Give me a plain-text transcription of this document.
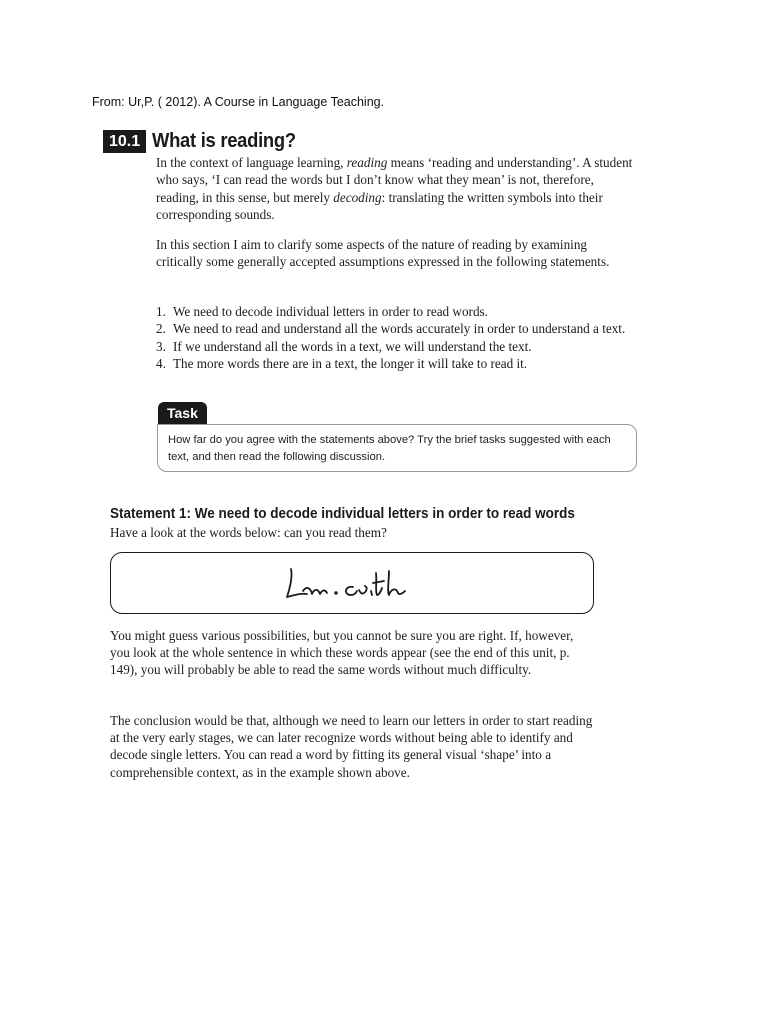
From: Ur,P. ( 2012). A Course in Language Teaching.
10.1 What is reading?

In the context of language learning, reading means ‘reading and understanding’. A student who says, ‘I can read the words but I don’t know what they mean’ is not, therefore, reading, in this sense, but merely decoding: translating the written symbols into their corresponding sounds.

In this section I aim to clarify some aspects of the nature of reading by examining critically some generally accepted assumptions expressed in the following statements.

1. We need to decode individual letters in order to read words.
2. We need to read and understand all the words accurately in order to understand a text.
3. If we understand all the words in a text, we will understand the text.
4. The more words there are in a text, the longer it will take to read it.
Task
How far do you agree with the statements above? Try the brief tasks suggested with each text, and then read the following discussion.
Statement 1: We need to decode individual letters in order to read words
Have a look at the words below: can you read them?

You might guess various possibilities, but you cannot be sure you are right. If, however, you look at the whole sentence in which these words appear (see the end of this unit, p. 149), you will probably be able to read the same words without much difficulty.

The conclusion would be that, although we need to learn our letters in order to start reading at the very early stages, we can later recognize words without being able to identify and decode single letters. You can read a word by fitting its general visual ‘shape’ into a comprehensible context, as in the example shown above.
